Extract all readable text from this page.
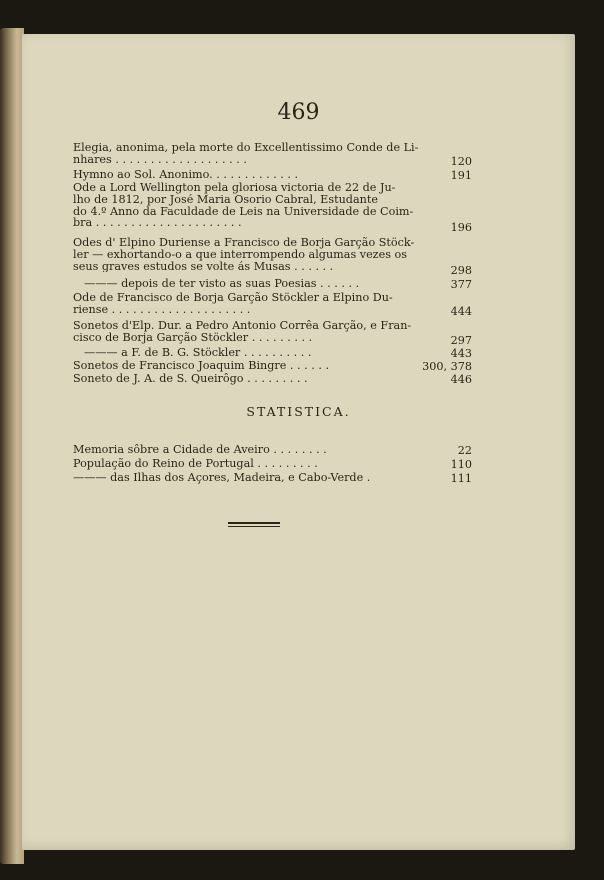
469
Elegia, anonima, pela morte do Excellentissimo Conde de Li-
nhares . . . . . . . . . . . . . . . . . . .	120
Hymno ao Sol. Anonimo. . . . . . . . . . . . .	191
Ode a Lord Wellington pela gloriosa victoria de 22 de Ju-
lho de 1812, por José Maria Osorio Cabral, Estudante
do 4.º Anno da Faculdade de Leis na Universidade de Coim-
bra . . . . . . . . . . . . . . . . . . . . .	196
Odes d' Elpino Duriense a Francisco de Borja Garção Stöck-
ler — exhortando-o a que interrompendo algumas vezes os
seus graves estudos se volte ás Musas . . . . . .	298
——— depois de ter visto as suas Poesias . . . . . .	377
Ode de Francisco de Borja Garção Stöckler a Elpino Du-
riense . . . . . . . . . . . . . . . . . . . .	444
Sonetos d'Elp. Dur. a Pedro Antonio Corrêa Garção, e Fran-
cisco de Borja Garção Stöckler . . . . . . . . .	297
——— a F. de B. G. Stöckler . . . . . . . . . .	443
Sonetos de Francisco Joaquim Bingre . . . . . .	300, 378
Soneto de J. A. de S. Queirôgo . . . . . . . . .	446
STATISTICA.
Memoria sôbre a Cidade de Aveiro . . . . . . . .	22
População do Reino de Portugal . . . . . . . . .	110
——— das Ilhas dos Açores, Madeira, e Cabo-Verde .	111
